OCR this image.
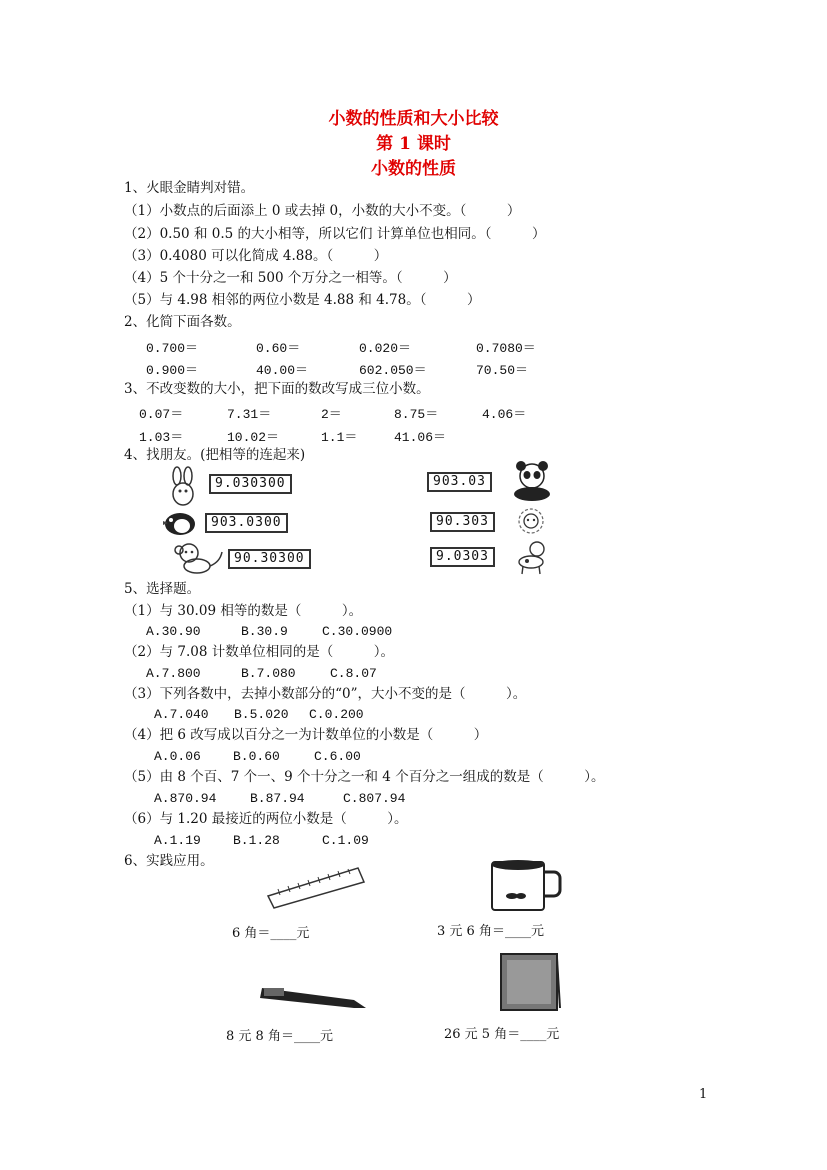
小数的性质和大小比较
第 1 课时
小数的性质
1、火眼金睛判对错。
（1）小数点的后面添上 0 或去掉 0，小数的大小不变。（　　　）
（2）0.50 和 0.5 的大小相等，所以它们 计算单位也相同。（　　　）
（3）0.4080 可以化简成 4.88。（　　　）
（4）5 个十分之一和 500 个万分之一相等。（　　　）
（5）与 4.98 相邻的两位小数是 4.88 和 4.78。（　　　）
2、化简下面各数。
0.700＝	0.60＝	0.020＝	0.7080＝
0.900＝	40.00＝	602.050＝	70.50＝
3、不改变数的大小，把下面的数改写成三位小数。
0.07＝	7.31＝	2＝	8.75＝	4.06＝
1.03＝	10.02＝	1.1＝	41.06＝
4、找朋友。(把相等的连起来)
9.030300
903.0300
90.30300
903.03
90.303
9.0303
5、选择题。
（1）与 30.09 相等的数是（　　　）。
A.30.90	B.30.9	C.30.0900
（2）与 7.08 计数单位相同的是（　　　）。
A.7.800	B.7.080	C.8.07
（3）下列各数中，去掉小数部分的“0”，大小不变的是（　　　）。
A.7.040 B.5.020 C.0.200
（4）把 6 改写成以百分之一为计数单位的小数是（　　　）
A.0.06 B.0.60	C.6.00
（5）由 8 个百、7 个一、9 个十分之一和 4 个百分之一组成的数是（　　　）。
A.870.94	B.87.94	C.807.94
（6）与 1.20 最接近的两位小数是（　　　）。
A.1.19 B.1.28	C.1.09
6、实践应用。
6 角＝____元	3 元 6 角＝____元
8 元 8 角＝____元	26 元 5 角＝____元
1
